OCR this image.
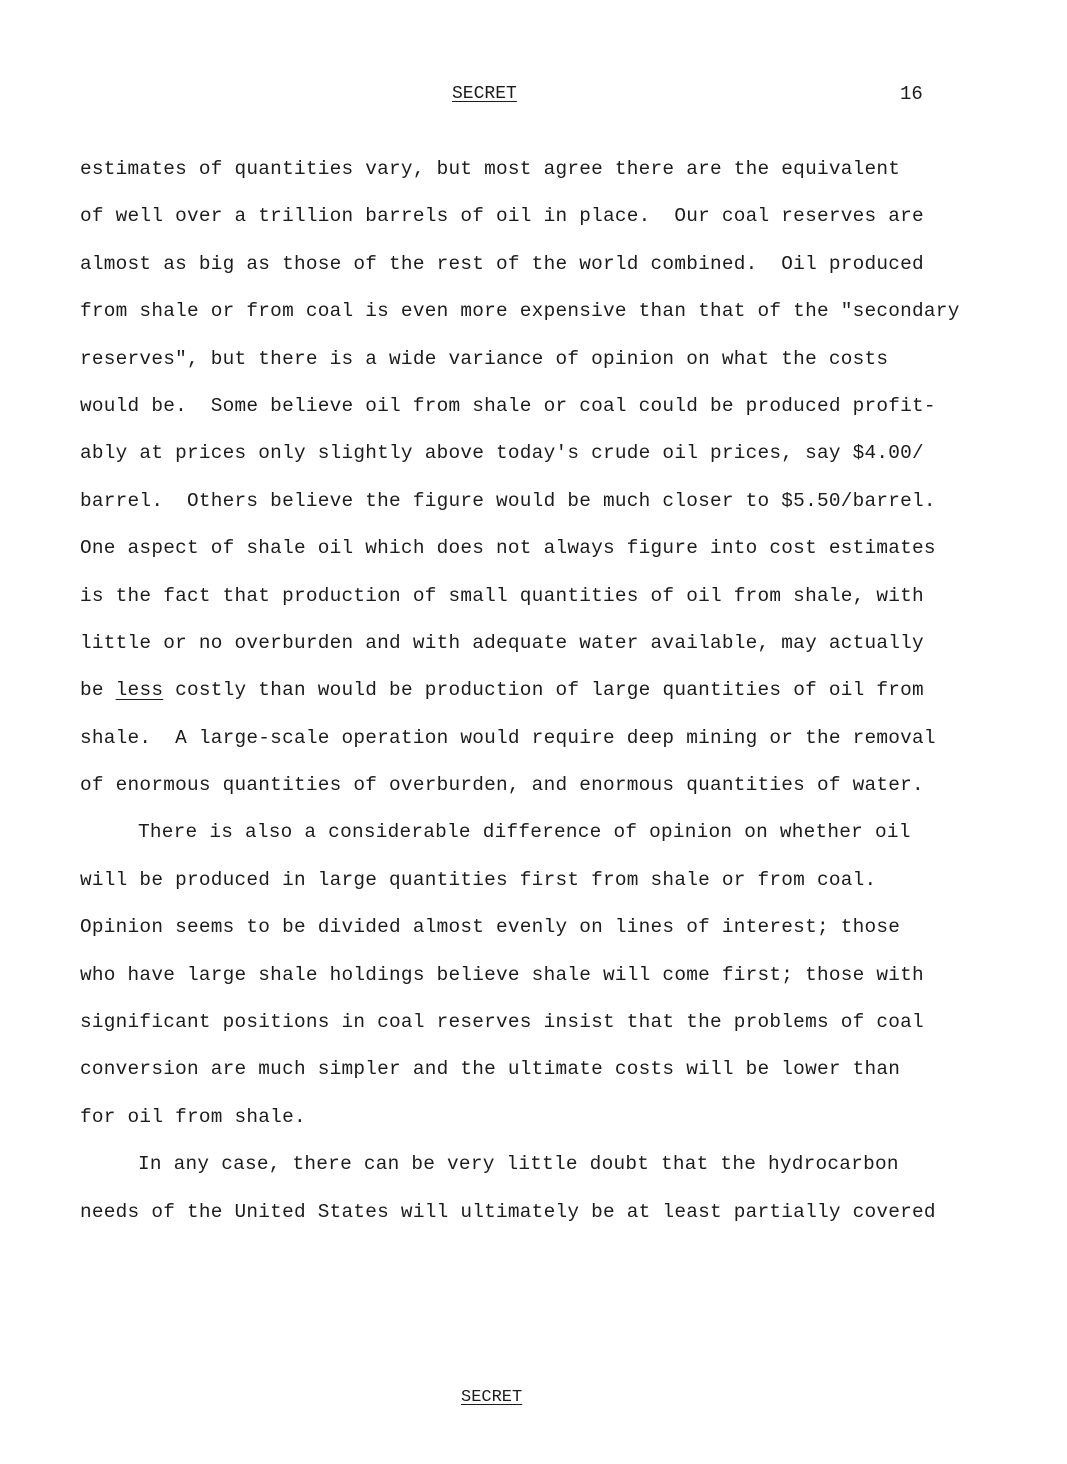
SECRET	16
estimates of quantities vary, but most agree there are the equivalent
of well over a trillion barrels of oil in place.  Our coal reserves are
almost as big as those of the rest of the world combined.  Oil produced
from shale or from coal is even more expensive than that of the "secondary
reserves", but there is a wide variance of opinion on what the costs
would be.  Some believe oil from shale or coal could be produced profit-
ably at prices only slightly above today's crude oil prices, say $4.00/
barrel.  Others believe the figure would be much closer to $5.50/barrel.
One aspect of shale oil which does not always figure into cost estimates
is the fact that production of small quantities of oil from shale, with
little or no overburden and with adequate water available, may actually
be less costly than would be production of large quantities of oil from
shale.  A large-scale operation would require deep mining or the removal
of enormous quantities of overburden, and enormous quantities of water.
There is also a considerable difference of opinion on whether oil
will be produced in large quantities first from shale or from coal.
Opinion seems to be divided almost evenly on lines of interest; those
who have large shale holdings believe shale will come first; those with
significant positions in coal reserves insist that the problems of coal
conversion are much simpler and the ultimate costs will be lower than
for oil from shale.
In any case, there can be very little doubt that the hydrocarbon
needs of the United States will ultimately be at least partially covered
SECRET
